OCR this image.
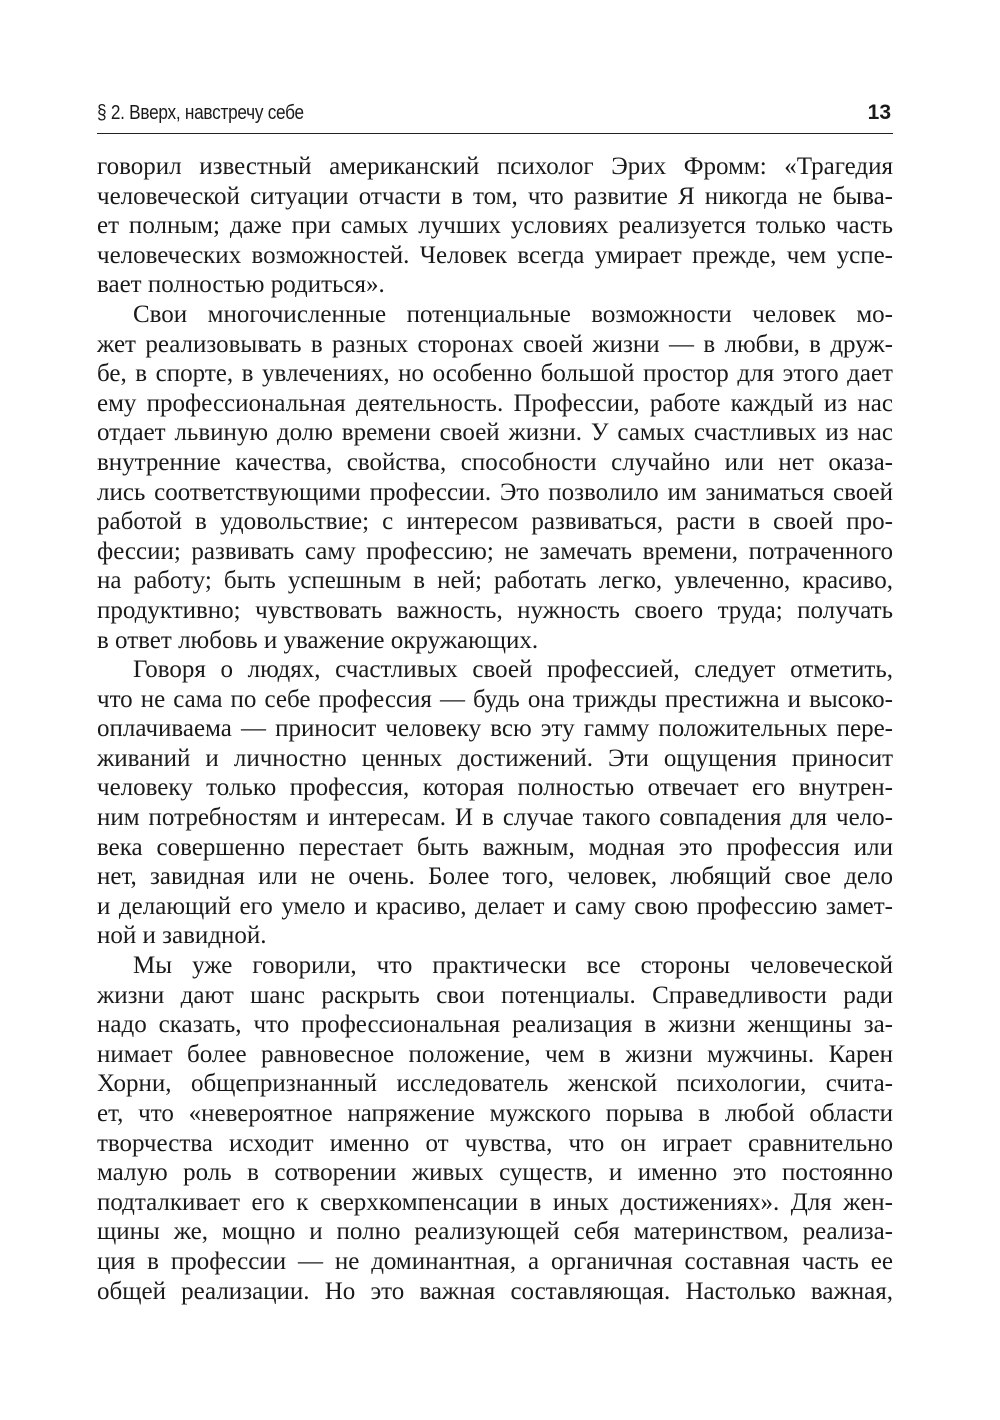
§ 2. Вверх, навстречу себе	13

говорил известный американский психолог Эрих Фромм: «Трагедия
человеческой ситуации отчасти в том, что развитие Я никогда не быва-
ет полным; даже при самых лучших условиях реализуется только часть
человеческих возможностей. Человек всегда умирает прежде, чем успе-
вает полностью родиться».

Свои многочисленные потенциальные возможности человек мо-
жет реализовывать в разных сторонах своей жизни — в любви, в друж-
бе, в спорте, в увлечениях, но особенно большой простор для этого дает
ему профессиональная деятельность. Профессии, работе каждый из нас
отдает львиную долю времени своей жизни. У самых счастливых из нас
внутренние качества, свойства, способности случайно или нет оказа-
лись соответствующими профессии. Это позволило им заниматься своей
работой в удовольствие; с интересом развиваться, расти в своей про-
фессии; развивать саму профессию; не замечать времени, потраченного
на работу; быть успешным в ней; работать легко, увлеченно, красиво,
продуктивно; чувствовать важность, нужность своего труда; получать
в ответ любовь и уважение окружающих.

Говоря о людях, счастливых своей профессией, следует отметить,
что не сама по себе профессия — будь она трижды престижна и высоко-
оплачиваема — приносит человеку всю эту гамму положительных пере-
живаний и личностно ценных достижений. Эти ощущения приносит
человеку только профессия, которая полностью отвечает его внутрен-
ним потребностям и интересам. И в случае такого совпадения для чело-
века совершенно перестает быть важным, модная это профессия или
нет, завидная или не очень. Более того, человек, любящий свое дело
и делающий его умело и красиво, делает и саму свою профессию замет-
ной и завидной.

Мы уже говорили, что практически все стороны человеческой
жизни дают шанс раскрыть свои потенциалы. Справедливости ради
надо сказать, что профессиональная реализация в жизни женщины за-
нимает более равновесное положение, чем в жизни мужчины. Карен
Хорни, общепризнанный исследователь женской психологии, счита-
ет, что «невероятное напряжение мужского порыва в любой области
творчества исходит именно от чувства, что он играет сравнительно
малую роль в сотворении живых существ, и именно это постоянно
подталкивает его к сверхкомпенсации в иных достижениях». Для жен-
щины же, мощно и полно реализующей себя материнством, реализа-
ция в профессии — не доминантная, а органичная составная часть ее
общей реализации. Но это важная составляющая. Настолько важная,
